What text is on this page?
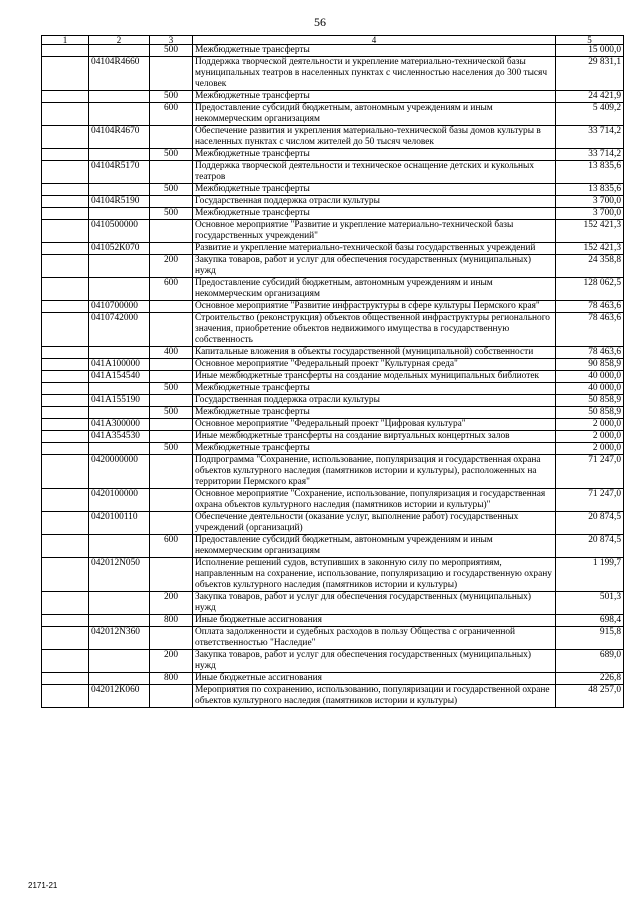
56
1	2	3	4	5
		500	Межбюджетные трансферты	15 000,0
	04104R4660		Поддержка творческой деятельности и укрепление материально-технической базы муниципальных театров в населенных пунктах с численностью населения до 300 тысяч человек	29 831,1
		500	Межбюджетные трансферты	24 421,9
		600	Предоставление субсидий бюджетным, автономным учреждениям и иным некоммерческим организациям	5 409,2
	04104R4670		Обеспечение развития и укрепления материально-технической базы домов культуры в населенных пунктах с числом жителей до 50 тысяч человек	33 714,2
		500	Межбюджетные трансферты	33 714,2
	04104R5170		Поддержка творческой деятельности и техническое оснащение детских и кукольных театров	13 835,6
		500	Межбюджетные трансферты	13 835,6
	04104R5190		Государственная поддержка отрасли культуры	3 700,0
		500	Межбюджетные трансферты	3 700,0
	0410500000		Основное мероприятие "Развитие и укрепление материально-технической базы государственных учреждений"	152 421,3
	041052К070		Развитие и укрепление материально-технической базы государственных учреждений	152 421,3
		200	Закупка товаров, работ и услуг для обеспечения государственных (муниципальных) нужд	24 358,8
		600	Предоставление субсидий бюджетным, автономным учреждениям и иным некоммерческим организациям	128 062,5
	0410700000		Основное мероприятие "Развитие инфраструктуры в сфере культуры Пермского края"	78 463,6
	0410742000		Строительство (реконструкция) объектов общественной инфраструктуры регионального значения, приобретение объектов недвижимого имущества в государственную собственность	78 463,6
		400	Капитальные вложения в объекты государственной (муниципальной) собственности	78 463,6
	041A100000		Основное мероприятие "Федеральный проект "Культурная среда"	90 858,9
	041A154540		Иные межбюджетные трансферты на создание модельных муниципальных библиотек	40 000,0
		500	Межбюджетные трансферты	40 000,0
	041A155190		Государственная поддержка отрасли культуры	50 858,9
		500	Межбюджетные трансферты	50 858,9
	041A300000		Основное мероприятие "Федеральный проект "Цифровая культура"	2 000,0
	041A354530		Иные межбюджетные трансферты на создание виртуальных концертных залов	2 000,0
		500	Межбюджетные трансферты	2 000,0
	0420000000		Подпрограмма "Сохранение, использование, популяризация и государственная охрана объектов культурного наследия (памятников истории и культуры), расположенных на территории Пермского края"	71 247,0
	0420100000		Основное мероприятие "Сохранение, использование, популяризация и государственная охрана объектов культурного наследия (памятников истории и культуры)"	71 247,0
	0420100110		Обеспечение деятельности (оказание услуг, выполнение работ) государственных учреждений (организаций)	20 874,5
		600	Предоставление субсидий бюджетным, автономным учреждениям и иным некоммерческим организациям	20 874,5
	042012N050		Исполнение решений судов, вступивших в законную силу по мероприятиям, направленным на сохранение, использование, популяризацию и государственную охрану объектов культурного наследия (памятников истории и культуры)	1 199,7
		200	Закупка товаров, работ и услуг для обеспечения государственных (муниципальных) нужд	501,3
		800	Иные бюджетные ассигнования	698,4
	042012N360		Оплата задолженности и судебных расходов в пользу Общества с ограниченной ответственностью "Наследие"	915,8
		200	Закупка товаров, работ и услуг для обеспечения государственных (муниципальных) нужд	689,0
		800	Иные бюджетные ассигнования	226,8
	042012К060		Мероприятия по сохранению, использованию, популяризации и государственной охране объектов культурного наследия (памятников истории и культуры)	48 257,0
2171-21
